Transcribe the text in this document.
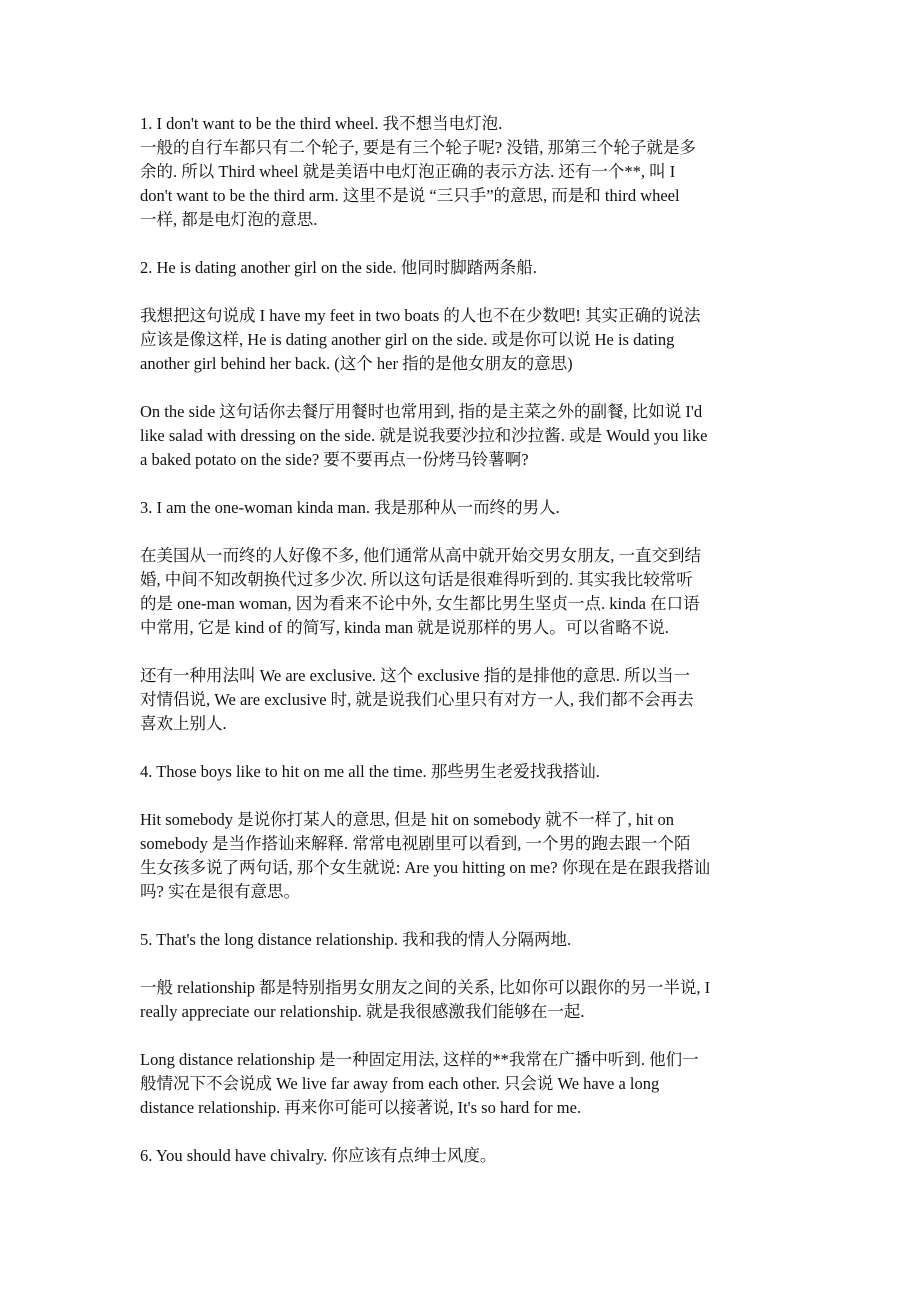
1. I don't want to be the third wheel. 我不想当电灯泡.
一般的自行车都只有二个轮子, 要是有三个轮子呢? 没错, 那第三个轮子就是多
余的. 所以 Third wheel 就是美语中电灯泡正确的表示方法. 还有一个**, 叫 I
don't want to be the third arm. 这里不是说 “三只手”的意思, 而是和 third wheel
一样, 都是电灯泡的意思.
2. He is dating another girl on the side. 他同时脚踏两条船.
我想把这句说成 I have my feet in two boats 的人也不在少数吧! 其实正确的说法
应该是像这样, He is dating another girl on the side. 或是你可以说 He is dating
another girl behind her back. (这个 her 指的是他女朋友的意思)
On the side 这句话你去餐厅用餐时也常用到, 指的是主菜之外的副餐, 比如说 I'd
like salad with dressing on the side. 就是说我要沙拉和沙拉酱. 或是 Would you like
a baked potato on the side? 要不要再点一份烤马铃薯啊?
3. I am the one-woman kinda man. 我是那种从一而终的男人.
在美国从一而终的人好像不多, 他们通常从高中就开始交男女朋友, 一直交到结
婚, 中间不知改朝换代过多少次. 所以这句话是很难得听到的. 其实我比较常听
的是 one-man woman, 因为看来不论中外, 女生都比男生坚贞一点. kinda 在口语
中常用, 它是 kind of 的简写, kinda man 就是说那样的男人。可以省略不说.
还有一种用法叫 We are exclusive. 这个 exclusive 指的是排他的意思. 所以当一
对情侣说, We are exclusive 时, 就是说我们心里只有对方一人, 我们都不会再去
喜欢上别人.
4. Those boys like to hit on me all the time. 那些男生老爱找我搭讪.
Hit somebody 是说你打某人的意思, 但是 hit on somebody 就不一样了, hit on
somebody 是当作搭讪来解释. 常常电视剧里可以看到, 一个男的跑去跟一个陌
生女孩多说了两句话, 那个女生就说: Are you hitting on me? 你现在是在跟我搭讪
吗? 实在是很有意思。
5. That's the long distance relationship. 我和我的情人分隔两地.
一般 relationship 都是特别指男女朋友之间的关系, 比如你可以跟你的另一半说, I
really appreciate our relationship. 就是我很感激我们能够在一起.
Long distance relationship 是一种固定用法, 这样的**我常在广播中听到. 他们一
般情况下不会说成 We live far away from each other. 只会说 We have a long
distance relationship. 再来你可能可以接著说, It's so hard for me.
6. You should have chivalry. 你应该有点绅士风度。
